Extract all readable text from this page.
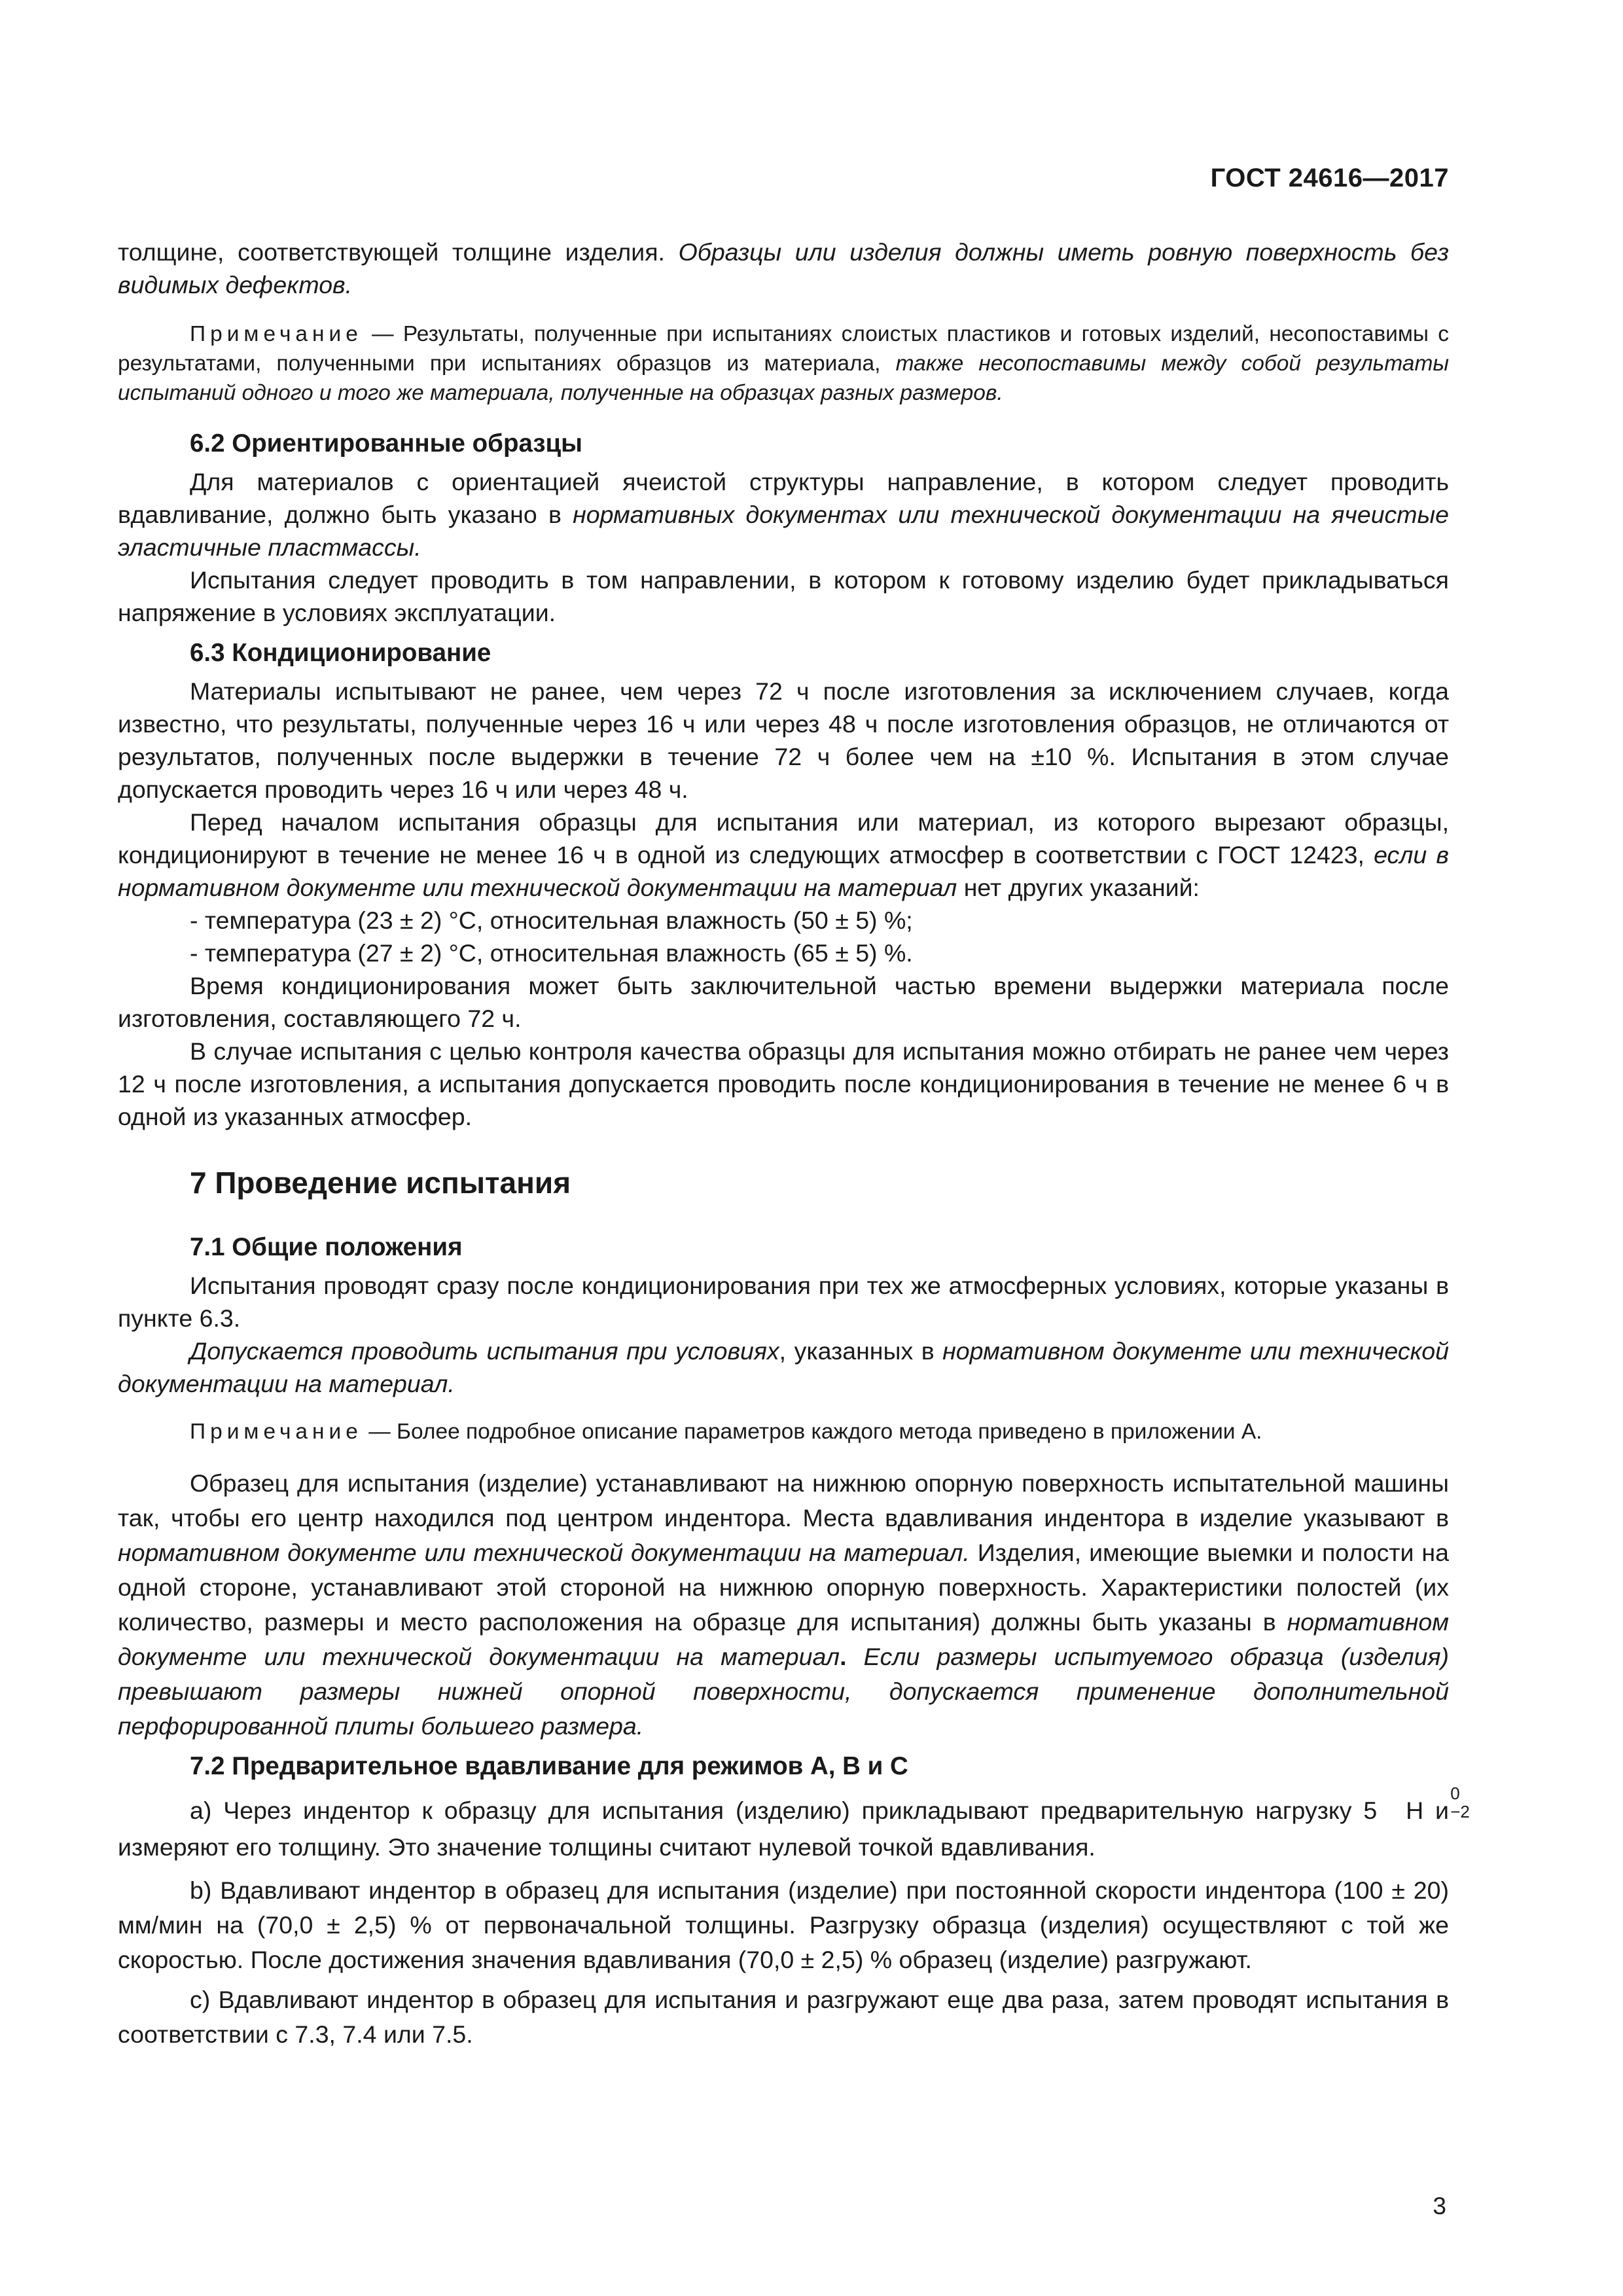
ГОСТ 24616—2017

толщине, соответствующей толщине изделия. Образцы или изделия должны иметь ровную поверхность без видимых дефектов.

Примечание — Результаты, полученные при испытаниях слоистых пластиков и готовых изделий, несопоставимы с результатами, полученными при испытаниях образцов из материала, также несопоставимы между собой результаты испытаний одного и того же материала, полученные на образцах разных размеров.

6.2 Ориентированные образцы

Для материалов с ориентацией ячеистой структуры направление, в котором следует проводить вдавливание, должно быть указано в нормативных документах или технической документации на ячеистые эластичные пластмассы.

Испытания следует проводить в том направлении, в котором к готовому изделию будет прикладываться напряжение в условиях эксплуатации.

6.3 Кондиционирование

Материалы испытывают не ранее, чем через 72 ч после изготовления за исключением случаев, когда известно, что результаты, полученные через 16 ч или через 48 ч после изготовления образцов, не отличаются от результатов, полученных после выдержки в течение 72 ч более чем на ±10 %. Испытания в этом случае допускается проводить через 16 ч или через 48 ч.

Перед началом испытания образцы для испытания или материал, из которого вырезают образцы, кондиционируют в течение не менее 16 ч в одной из следующих атмосфер в соответствии с ГОСТ 12423, если в нормативном документе или технической документации на материал нет других указаний:

- температура (23 ± 2) °С, относительная влажность (50 ± 5) %;

- температура (27 ± 2) °С, относительная влажность (65 ± 5) %.

Время кондиционирования может быть заключительной частью времени выдержки материала после изготовления, составляющего 72 ч.

В случае испытания с целью контроля качества образцы для испытания можно отбирать не ранее чем через 12 ч после изготовления, а испытания допускается проводить после кондиционирования в течение не менее 6 ч в одной из указанных атмосфер.

7 Проведение испытания
7.1 Общие положения

Испытания проводят сразу после кондиционирования при тех же атмосферных условиях, которые указаны в пункте 6.3.

Допускается проводить испытания при условиях, указанных в нормативном документе или технической документации на материал.

Примечание — Более подробное описание параметров каждого метода приведено в приложении А.

Образец для испытания (изделие) устанавливают на нижнюю опорную поверхность испытательной машины так, чтобы его центр находился под центром индентора. Места вдавливания индентора в изделие указывают в нормативном документе или технической документации на материал. Изделия, имеющие выемки и полости на одной стороне, устанавливают этой стороной на нижнюю опорную поверхность. Характеристики полостей (их количество, размеры и место расположения на образце для испытания) должны быть указаны в нормативном документе или технической документации на материал. Если размеры испытуемого образца (изделия) превышают размеры нижней опорной поверхности, допускается применение дополнительной перфорированной плиты большего размера.

7.2 Предварительное вдавливание для режимов А, В и С

а) Через индентор к образцу для испытания (изделию) прикладывают предварительную нагрузку 5
0
−2
Н и измеряют его толщину. Это значение толщины считают нулевой точкой вдавливания.

b) Вдавливают индентор в образец для испытания (изделие) при постоянной скорости индентора (100 ± 20) мм/мин на (70,0 ± 2,5) % от первоначальной толщины. Разгрузку образца (изделия) осуществляют с той же скоростью. После достижения значения вдавливания (70,0 ± 2,5) % образец (изделие) разгружают.

с) Вдавливают индентор в образец для испытания и разгружают еще два раза, затем проводят испытания в соответствии с 7.3, 7.4 или 7.5.

3
